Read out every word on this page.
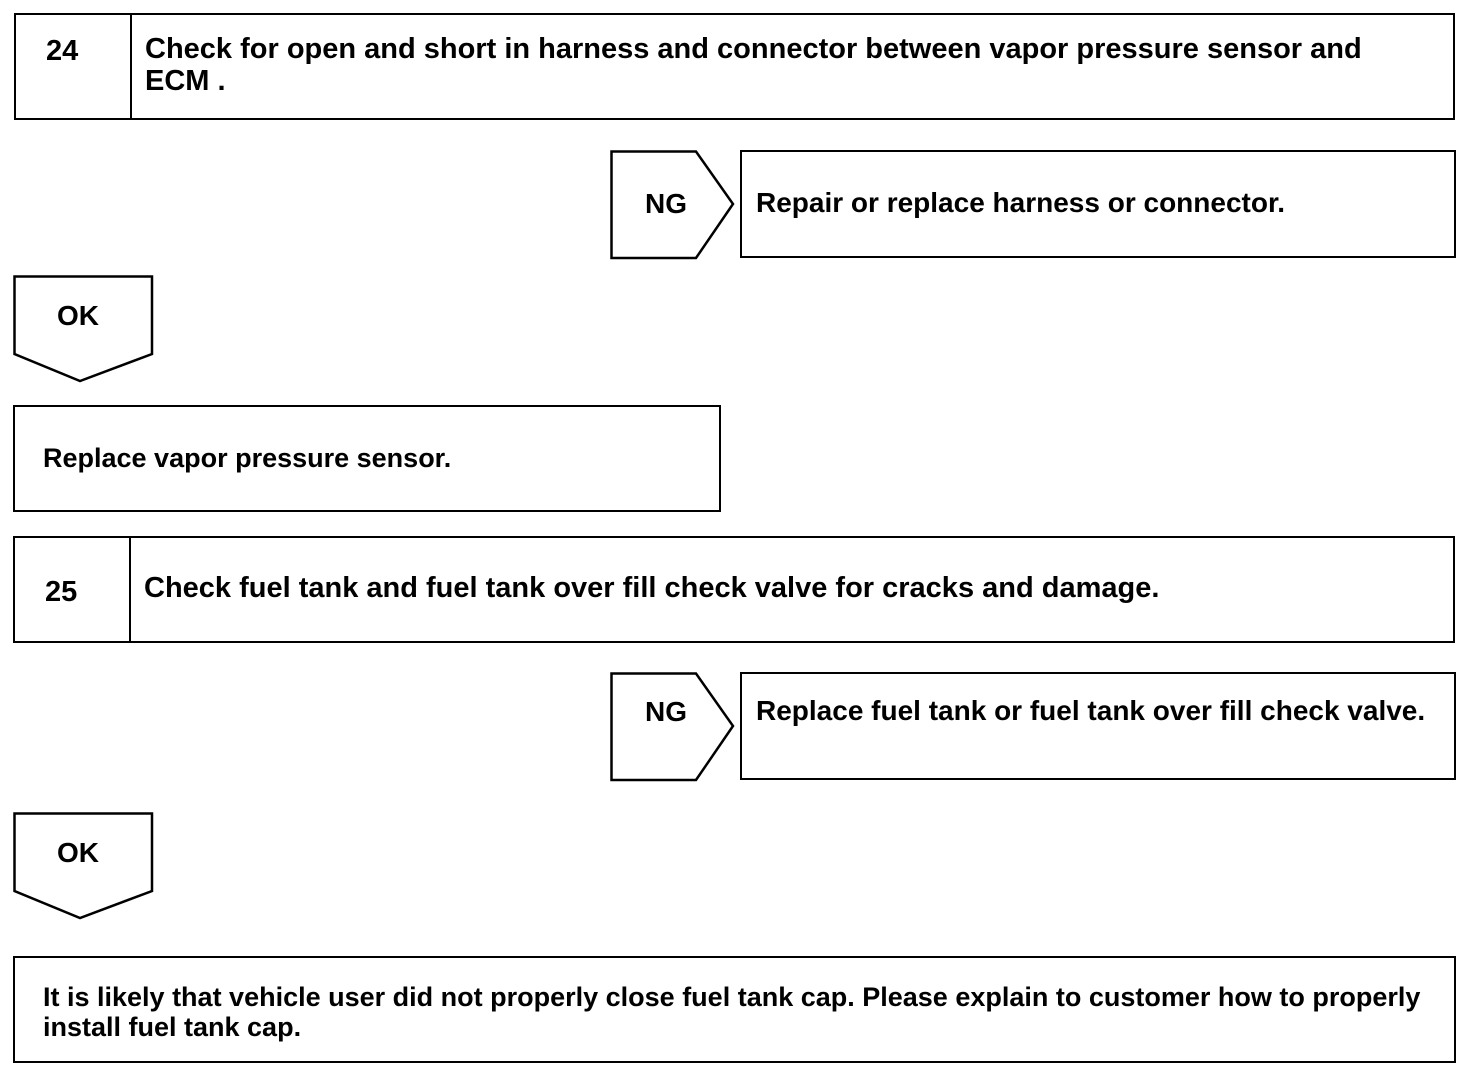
24 Check for open and short in harness and connector between vapor pressure sensor and ECM .
NG Repair or replace harness or connector.
OK
Replace vapor pressure sensor.
25 Check fuel tank and fuel tank over fill check valve for cracks and damage.
NG Replace fuel tank or fuel tank over fill check valve.
OK
It is likely that vehicle user did not properly close fuel tank cap. Please explain to customer how to properly install fuel tank cap.
